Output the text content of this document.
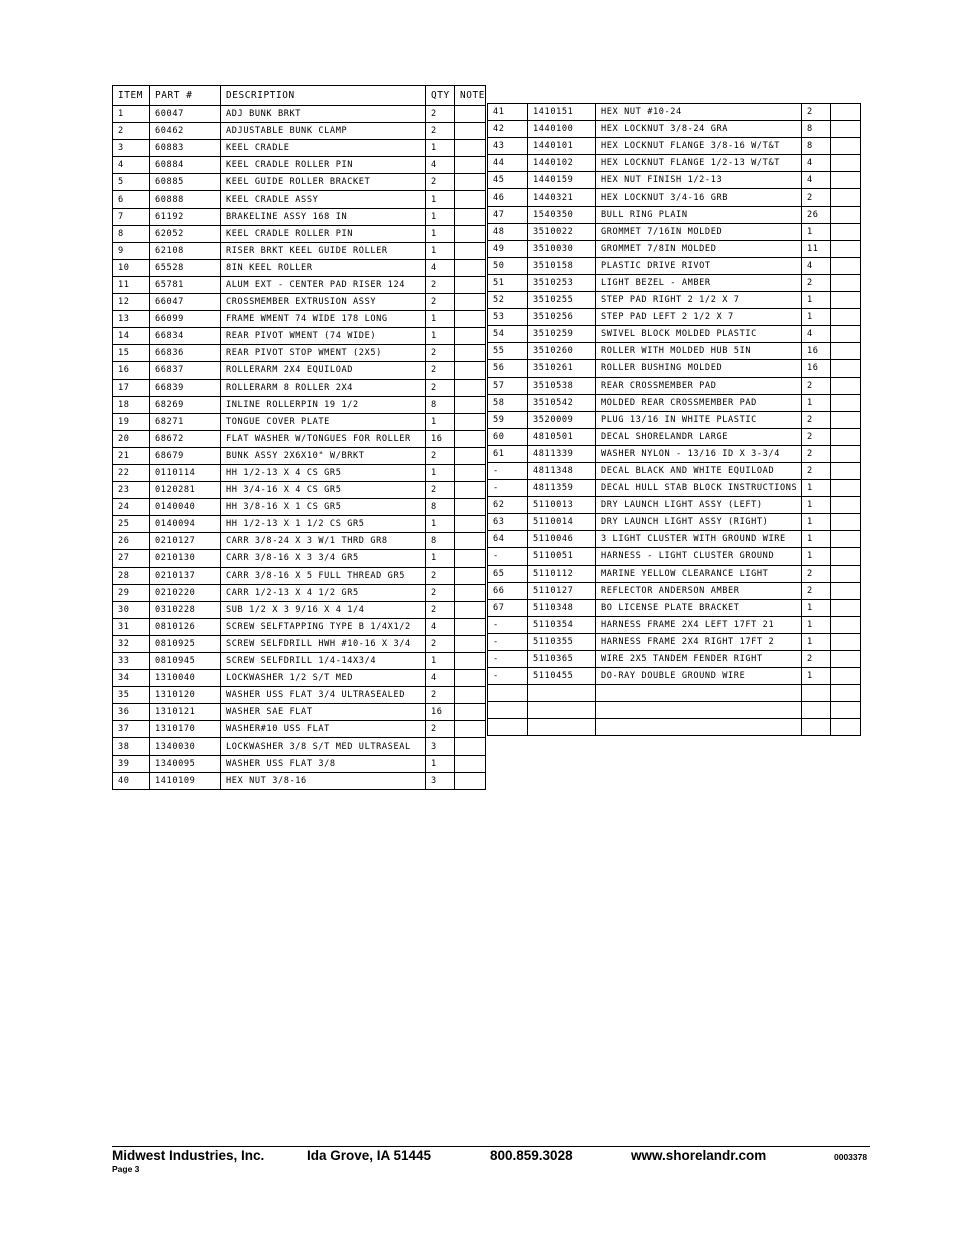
ITEM	PART #	DESCRIPTION	QTY	NOTE
1	60047	ADJ BUNK BRKT	2	
2	60462	ADJUSTABLE BUNK CLAMP	2	
3	60883	KEEL CRADLE	1	
4	60884	KEEL CRADLE ROLLER PIN	4	
5	60885	KEEL GUIDE ROLLER BRACKET	2	
6	60888	KEEL CRADLE ASSY	1	
7	61192	BRAKELINE ASSY 168 IN	1	
8	62052	KEEL CRADLE ROLLER PIN	1	
9	62108	RISER BRKT KEEL GUIDE ROLLER	1	
10	65528	8IN KEEL ROLLER	4	
11	65781	ALUM EXT - CENTER PAD RISER 124	2	
12	66047	CROSSMEMBER EXTRUSION ASSY	2	
13	66099	FRAME WMENT 74 WIDE 178 LONG	1	
14	66834	REAR PIVOT WMENT (74 WIDE)	1	
15	66836	REAR PIVOT STOP WMENT (2X5)	2	
16	66837	ROLLERARM 2X4 EQUILOAD	2	
17	66839	ROLLERARM 8 ROLLER 2X4	2	
18	68269	INLINE ROLLERPIN 19 1/2	8	
19	68271	TONGUE COVER PLATE	1	
20	68672	FLAT WASHER W/TONGUES FOR ROLLER	16	
21	68679	BUNK ASSY 2X6X10" W/BRKT	2	
22	0110114	HH 1/2-13 X 4 CS GR5	1	
23	0120281	HH 3/4-16 X 4 CS GR5	2	
24	0140040	HH 3/8-16 X 1 CS GR5	8	
25	0140094	HH 1/2-13 X 1 1/2 CS GR5	1	
26	0210127	CARR 3/8-24 X 3 W/1 THRD GR8	8	
27	0210130	CARR 3/8-16 X 3 3/4 GR5	1	
28	0210137	CARR 3/8-16 X 5 FULL THREAD GR5	2	
29	0210220	CARR 1/2-13 X 4 1/2 GR5	2	
30	0310228	SUB 1/2 X 3 9/16 X 4 1/4	2	
31	0810126	SCREW SELFTAPPING TYPE B 1/4X1/2	4	
32	0810925	SCREW SELFDRILL HWH #10-16 X 3/4	2	
33	0810945	SCREW SELFDRILL 1/4-14X3/4	1	
34	1310040	LOCKWASHER 1/2 S/T MED	4	
35	1310120	WASHER USS FLAT 3/4 ULTRASEALED	2	
36	1310121	WASHER SAE FLAT	16	
37	1310170	WASHER#10 USS FLAT	2	
38	1340030	LOCKWASHER 3/8 S/T MED ULTRASEAL	3	
39	1340095	WASHER USS FLAT 3/8	1	
40	1410109	HEX NUT 3/8-16	3	
41	1410151	HEX NUT #10-24	2	
42	1440100	HEX LOCKNUT 3/8-24 GRA	8	
43	1440101	HEX LOCKNUT FLANGE 3/8-16 W/T&T	8	
44	1440102	HEX LOCKNUT FLANGE 1/2-13 W/T&T	4	
45	1440159	HEX NUT FINISH 1/2-13	4	
46	1440321	HEX LOCKNUT 3/4-16 GRB	2	
47	1540350	BULL RING PLAIN	26	
48	3510022	GROMMET 7/16IN MOLDED	1	
49	3510030	GROMMET 7/8IN MOLDED	11	
50	3510158	PLASTIC DRIVE RIVOT	4	
51	3510253	LIGHT BEZEL - AMBER	2	
52	3510255	STEP PAD RIGHT 2 1/2 X 7	1	
53	3510256	STEP PAD LEFT 2 1/2 X 7	1	
54	3510259	SWIVEL BLOCK MOLDED PLASTIC	4	
55	3510260	ROLLER WITH MOLDED HUB 5IN	16	
56	3510261	ROLLER BUSHING MOLDED	16	
57	3510538	REAR CROSSMEMBER PAD	2	
58	3510542	MOLDED REAR CROSSMEMBER PAD	1	
59	3520009	PLUG 13/16 IN WHITE PLASTIC	2	
60	4810501	DECAL SHORELANDR LARGE	2	
61	4811339	WASHER NYLON - 13/16 ID X 3-3/4	2	
-	4811348	DECAL BLACK AND WHITE EQUILOAD	2	
-	4811359	DECAL HULL STAB BLOCK INSTRUCTIONS	1	
62	5110013	DRY LAUNCH LIGHT ASSY (LEFT)	1	
63	5110014	DRY LAUNCH LIGHT ASSY (RIGHT)	1	
64	5110046	3 LIGHT CLUSTER WITH GROUND WIRE	1	
-	5110051	HARNESS - LIGHT CLUSTER GROUND	1	
65	5110112	MARINE YELLOW CLEARANCE LIGHT	2	
66	5110127	REFLECTOR ANDERSON AMBER	2	
67	5110348	BO LICENSE PLATE BRACKET	1	
-	5110354	HARNESS FRAME 2X4 LEFT 17FT 21	1	
-	5110355	HARNESS FRAME 2X4 RIGHT 17FT 2	1	
-	5110365	WIRE 2X5 TANDEM FENDER RIGHT	2	
-	5110455	DO-RAY DOUBLE GROUND WIRE	1	

Midwest Industries, Inc.	Ida Grove, IA 51445	800.859.3028	www.shorelandr.com	0003378
Page 3
